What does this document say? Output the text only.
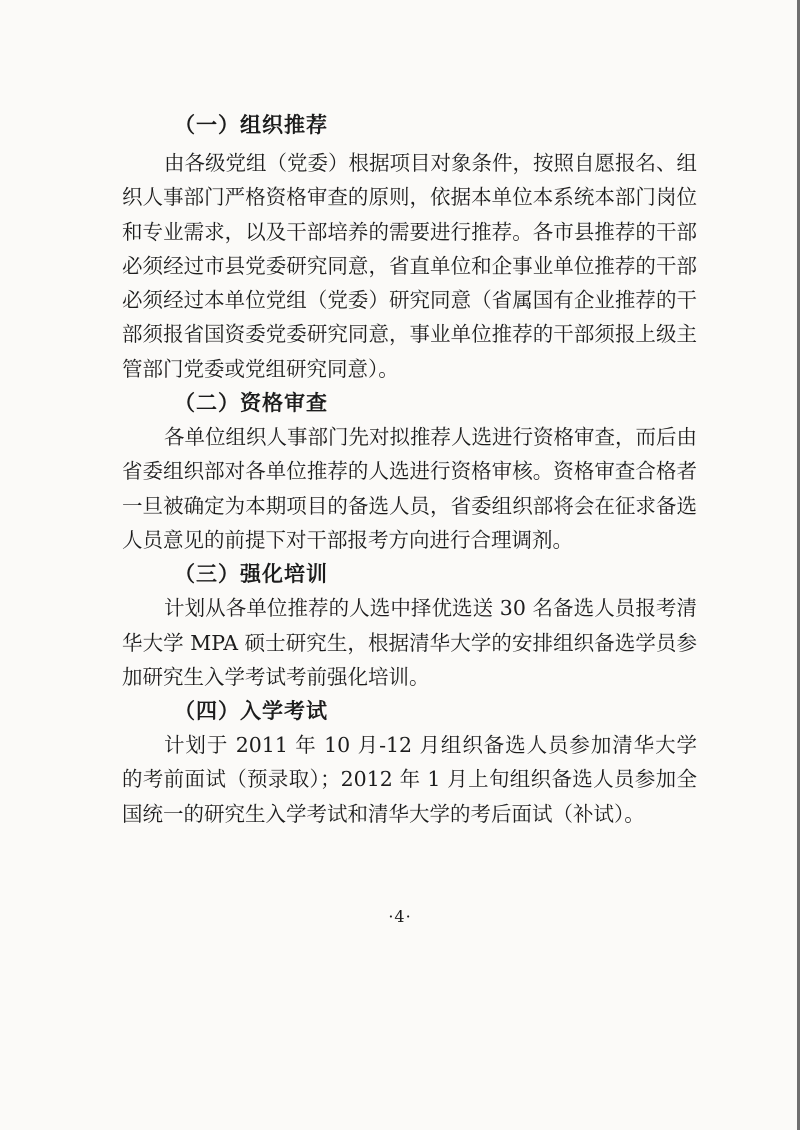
（一）组织推荐

由各级党组（党委）根据项目对象条件，按照自愿报名、组织人事部门严格资格审查的原则，依据本单位本系统本部门岗位和专业需求，以及干部培养的需要进行推荐。各市县推荐的干部必须经过市县党委研究同意，省直单位和企事业单位推荐的干部必须经过本单位党组（党委）研究同意（省属国有企业推荐的干部须报省国资委党委研究同意，事业单位推荐的干部须报上级主管部门党委或党组研究同意）。

（二）资格审查

各单位组织人事部门先对拟推荐人选进行资格审查，而后由省委组织部对各单位推荐的人选进行资格审核。资格审查合格者一旦被确定为本期项目的备选人员，省委组织部将会在征求备选人员意见的前提下对干部报考方向进行合理调剂。

（三）强化培训

计划从各单位推荐的人选中择优选送 30 名备选人员报考清华大学 MPA 硕士研究生，根据清华大学的安排组织备选学员参加研究生入学考试考前强化培训。

（四）入学考试

计划于 2011 年 10 月-12 月组织备选人员参加清华大学的考前面试（预录取）；2012 年 1 月上旬组织备选人员参加全国统一的研究生入学考试和清华大学的考后面试（补试）。

·4·
